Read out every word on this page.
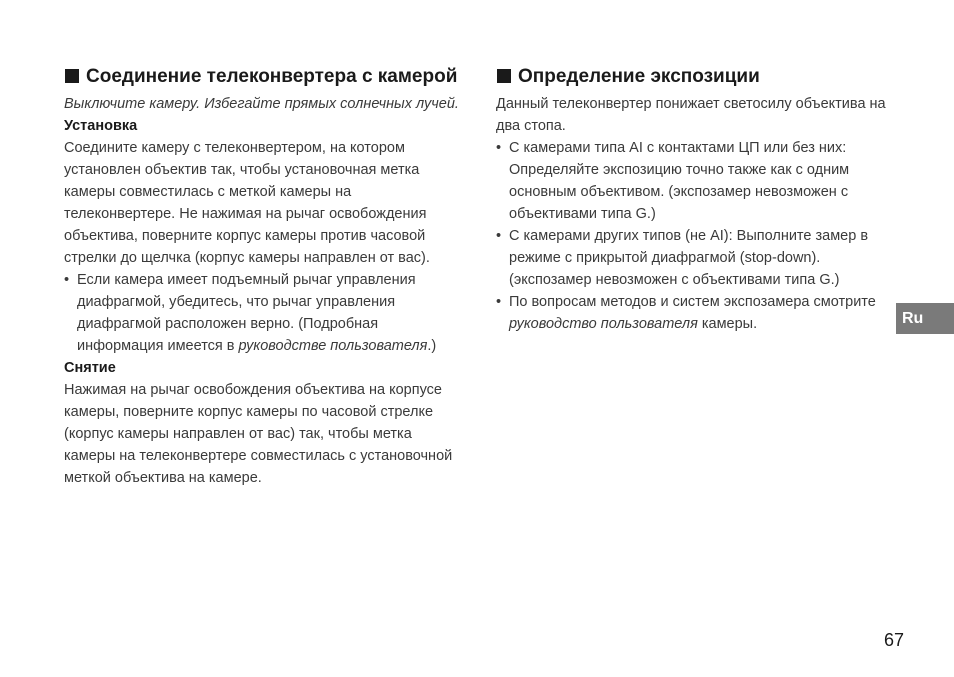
Соединение телеконвертера с камерой

Выключите камеру. Избегайте прямых солнечных лучей.

Установка

Соедините камеру с телеконвертером, на котором установлен объектив так, чтобы установочная метка камеры совместилась с меткой камеры на телеконвертере. Не нажимая на рычаг освобождения объектива, поверните корпус камеры против часовой стрелки до щелчка (корпус камеры направлен от вас).

• Если камера имеет подъемный рычаг управления диафрагмой, убедитесь, что рычаг управления диафрагмой расположен верно. (Подробная информация имеется в руководстве пользователя.)

Снятие

Нажимая на рычаг освобождения объектива на корпусе камеры, поверните корпус камеры по часовой стрелке (корпус камеры направлен от вас) так, чтобы метка камеры на телеконвертере совместилась с установочной меткой объектива на камере.

Определение экспозиции

Данный телеконвертер понижает светосилу объектива на два стопа.

• С камерами типа AI с контактами ЦП или без них: Определяйте экспозицию точно также как с одним основным объективом. (экспозамер невозможен с объективами типа G.)
• С камерами других типов (не AI): Выполните замер в режиме с прикрытой диафрагмой (stop-down). (экспозамер невозможен с объективами типа G.)
• По вопросам методов и систем экспозамера смотрите руководство пользователя камеры.	Ru
67
